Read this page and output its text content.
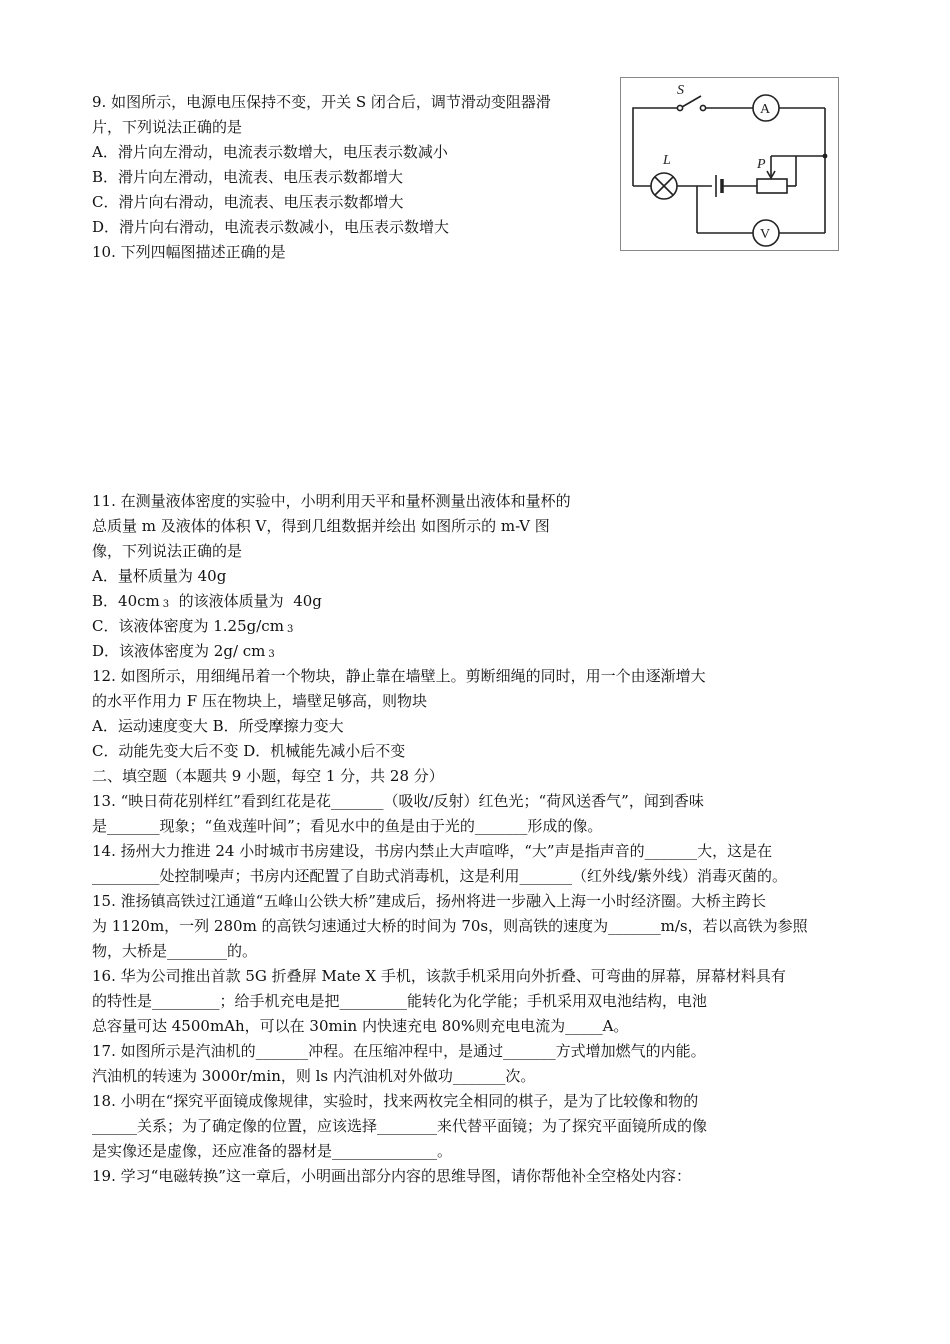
9. 如图所示，电源电压保持不变，开关 S 闭合后，调节滑动变阻器滑
片，下列说法正确的是
A．滑片向左滑动，电流表示数增大，电压表示数减小
B．滑片向左滑动，电流表、电压表示数都增大
C．滑片向右滑动，电流表、电压表示数都增大
D．滑片向右滑动，电流表示数减小，电压表示数增大
S
A
L	P
V
10. 下列四幅图描述正确的是
11. 在测量液体密度的实验中，小明利用天平和量杯测量出液体和量杯的
总质量 m 及液体的体积 V，得到几组数据并绘出 如图所示的 m-V 图
像，下列说法正确的是
A．量杯质量为 40g
B．40cm 3  的该液体质量为  40g
C．该液体密度为 1.25g/cm 3
D．该液体密度为 2g/ cm 3
12. 如图所示，用细绳吊着一个物块，静止靠在墙壁上。剪断细绳的同时，用一个由逐渐增大
的水平作用力 F 压在物块上，墙壁足够高，则物块
A．运动速度变大 B．所受摩擦力变大
C．动能先变大后不变 D．机械能先减小后不变
二、填空题（本题共 9 小题，每空 1 分，共 28 分）
13. “映日荷花别样红”看到红花是花_______（吸收/反射）红色光；“荷风送香气”，闻到香味
是_______现象；“鱼戏莲叶间”；看见水中的鱼是由于光的_______形成的像。
14. 扬州大力推进 24 小时城市书房建设，书房内禁止大声喧哗，“大”声是指声音的_______大，这是在
_________处控制噪声；书房内还配置了自助式消毒机，这是利用_______（红外线/紫外线）消毒灭菌的。
15. 淮扬镇高铁过江通道“五峰山公铁大桥”建成后，扬州将进一步融入上海一小时经济圈。大桥主跨长
为 1120m，一列 280m 的高铁匀速通过大桥的时间为 70s，则高铁的速度为_______m/s，若以高铁为参照
物，大桥是________的。
16. 华为公司推出首款 5G 折叠屏 Mate X 手机，该款手机采用向外折叠、可弯曲的屏幕，屏幕材料具有
的特性是_________；给手机充电是把_________能转化为化学能；手机采用双电池结构，电池
总容量可达 4500mAh，可以在 30min 内快速充电 80%则充电电流为_____A。
17. 如图所示是汽油机的_______冲程。在压缩冲程中，是通过_______方式增加燃气的内能。
汽油机的转速为 3000r/min，则 ls 内汽油机对外做功_______次。
18. 小明在“探究平面镜成像规律，实验时，找来两枚完全相同的棋子，是为了比较像和物的
______关系；为了确定像的位置，应该选择________来代替平面镜；为了探究平面镜所成的像
是实像还是虚像，还应准备的器材是______________。
19. 学习“电磁转换”这一章后，小明画出部分内容的思维导图，请你帮他补全空格处内容：
